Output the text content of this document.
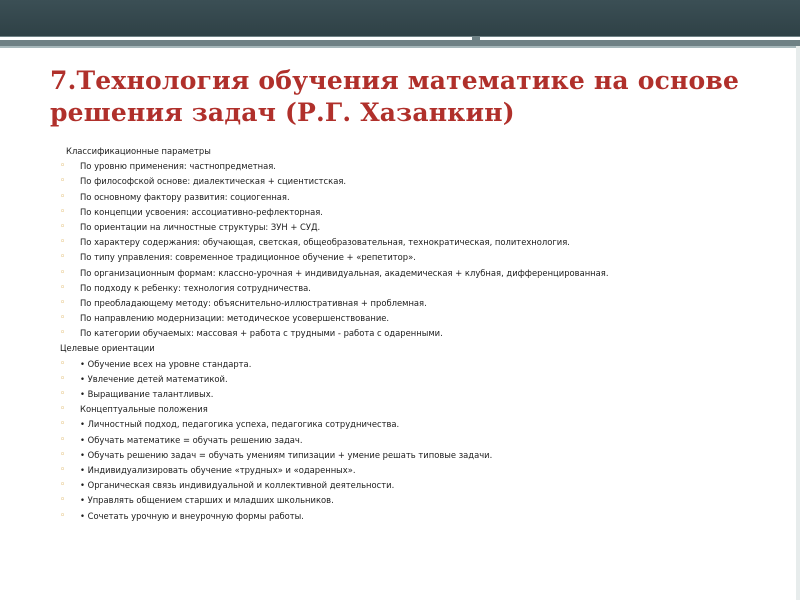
7.Технология обучения математике на основе решения задач (Р.Г. Хазанкин)
Классификационные параметры
◦ По уровню применения: частнопредметная.
◦ По философской основе: диалектическая + сциентистская.
◦ По основному фактору развития: социогенная.
◦ По концепции усвоения: ассоциативно-рефлекторная.
◦ По ориентации на личностные структуры: ЗУН + СУД.
◦ По характеру содержания: обучающая, светская, общеобразовательная, технократическая, политехнология.
◦ По типу управления: современное традиционное обучение + «репетитор».
◦ По организационным формам: классно-урочная + индивидуальная, академическая + клубная, дифференцированная.
◦ По подходу к ребенку: технология сотрудничества.
◦ По преобладающему методу: объяснительно-иллюстративная + проблемная.
◦ По направлению модернизации: методическое усовершенствование.
◦ По категории обучаемых: массовая + работа с трудными - работа с одаренными.
Целевые ориентации
◦ • Обучение всех на уровне стандарта.
◦ • Увлечение детей математикой.
◦ • Выращивание талантливых.
◦ Концептуальные положения
◦ • Личностный подход, педагогика успеха, педагогика сотрудничества.
◦ • Обучать математике = обучать решению задач.
◦ • Обучать решению задач = обучать умениям типизации + умение решать типовые задачи.
◦ • Индивидуализировать обучение «трудных» и «одаренных».
◦ • Органическая связь индивидуальной и коллективной деятельности.
◦ • Управлять общением старших и младших школьников.
◦ • Сочетать урочную и внеурочную формы работы.
